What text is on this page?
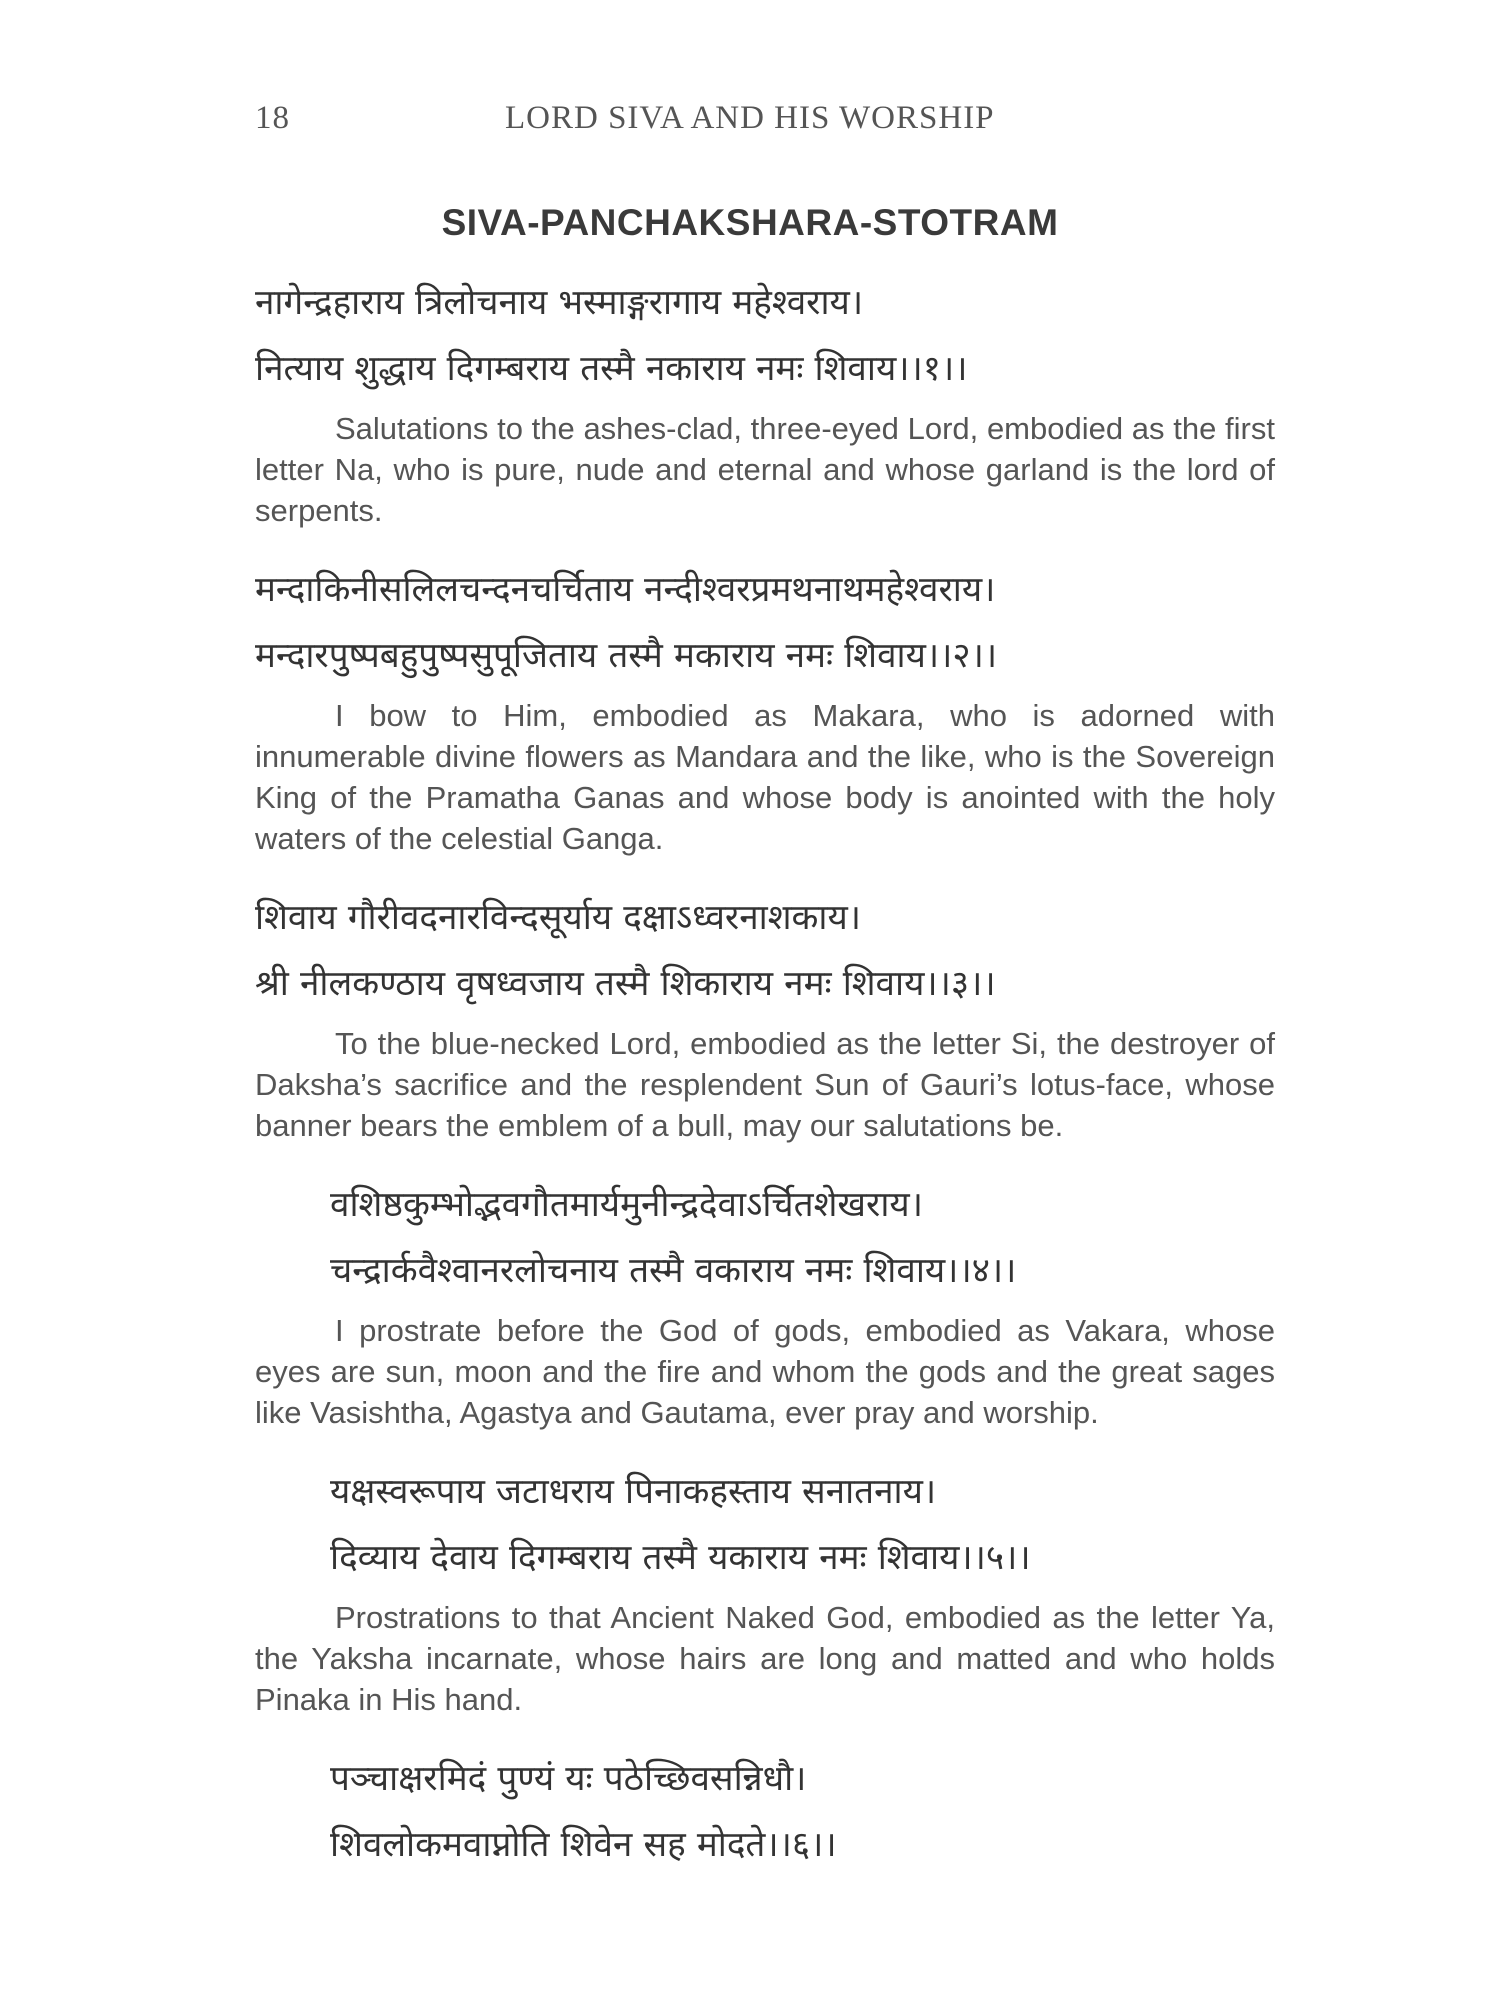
18	LORD SIVA AND HIS WORSHIP
SIVA-PANCHAKSHARA-STOTRAM
नागेन्द्रहाराय त्रिलोचनाय भस्माङ्गरागाय महेश्वराय।
नित्याय शुद्धाय दिगम्बराय तस्मै नकाराय नमः शिवाय।।१।।

Salutations to the ashes-clad, three-eyed Lord, embodied as the first letter Na, who is pure, nude and eternal and whose garland is the lord of serpents.

मन्दाकिनीसलिलचन्दनचर्चिताय नन्दीश्वरप्रमथनाथमहेश्वराय।
मन्दारपुष्पबहुपुष्पसुपूजिताय तस्मै मकाराय नमः शिवाय।।२।।

I bow to Him, embodied as Makara, who is adorned with innumerable divine flowers as Mandara and the like, who is the Sovereign King of the Pramatha Ganas and whose body is anointed with the holy waters of the celestial Ganga.

शिवाय गौरीवदनारविन्दसूर्याय दक्षाऽध्वरनाशकाय।
श्री नीलकण्ठाय वृषध्वजाय तस्मै शिकाराय नमः शिवाय।।३।।

To the blue-necked Lord, embodied as the letter Si, the destroyer of Daksha’s sacrifice and the resplendent Sun of Gauri’s lotus-face, whose banner bears the emblem of a bull, may our salutations be.

वशिष्ठकुम्भोद्भवगौतमार्यमुनीन्द्रदेवाऽर्चितशेखराय।
चन्द्रार्कवैश्वानरलोचनाय तस्मै वकाराय नमः शिवाय।।४।।

I prostrate before the God of gods, embodied as Vakara, whose eyes are sun, moon and the fire and whom the gods and the great sages like Vasishtha, Agastya and Gautama, ever pray and worship.

यक्षस्वरूपाय जटाधराय पिनाकहस्ताय सनातनाय।
दिव्याय देवाय दिगम्बराय तस्मै यकाराय नमः शिवाय।।५।।

Prostrations to that Ancient Naked God, embodied as the letter Ya, the Yaksha incarnate, whose hairs are long and matted and who holds Pinaka in His hand.

पञ्चाक्षरमिदं पुण्यं यः पठेच्छिवसन्निधौ।
शिवलोकमवाप्नोति शिवेन सह मोदते।।६।।
